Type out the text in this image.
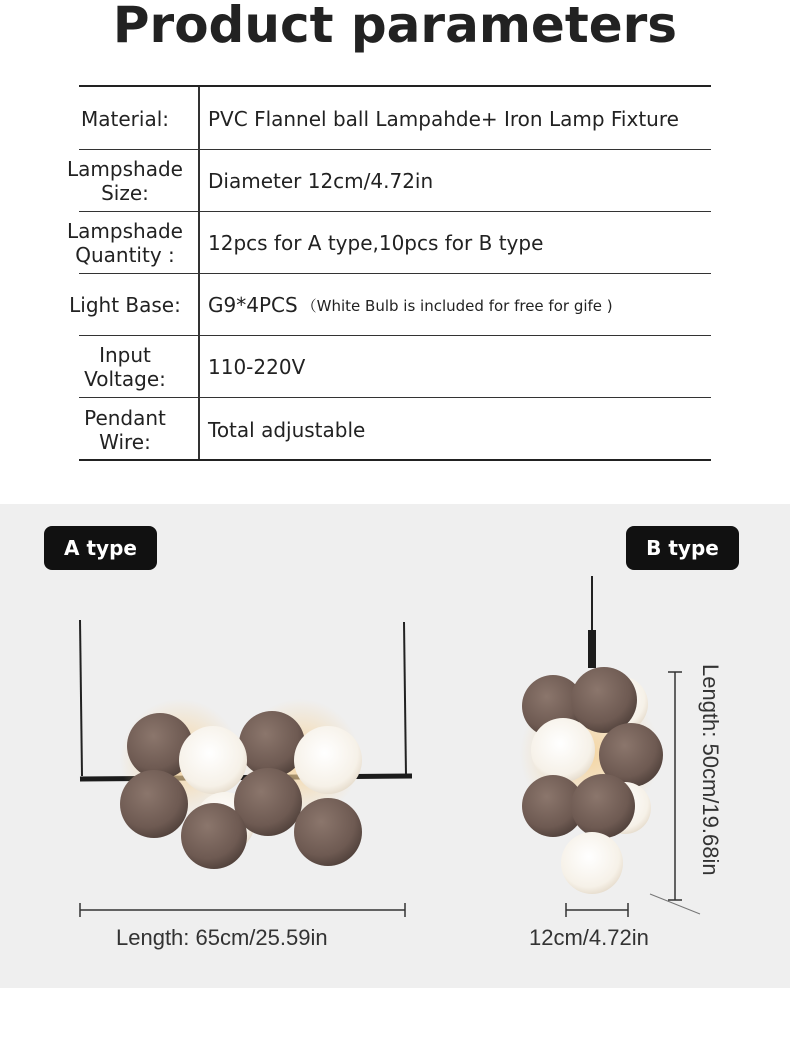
Product parameters
Material: PVC Flannel ball Lampahde+ Iron Lamp Fixture
Lampshade
Size:	Diameter 12cm/4.72in
Lampshade
Quantity :	12pcs for A type,10pcs for B type
Light Base: G9*4PCS （White Bulb is included for free for gife )
Input
Voltage: 110-220V
Pendant
Wire:	Total adjustable
A type	B type
Length: 65cm/25.59in	12cm/4.72in
Length: 50cm/19.68in
